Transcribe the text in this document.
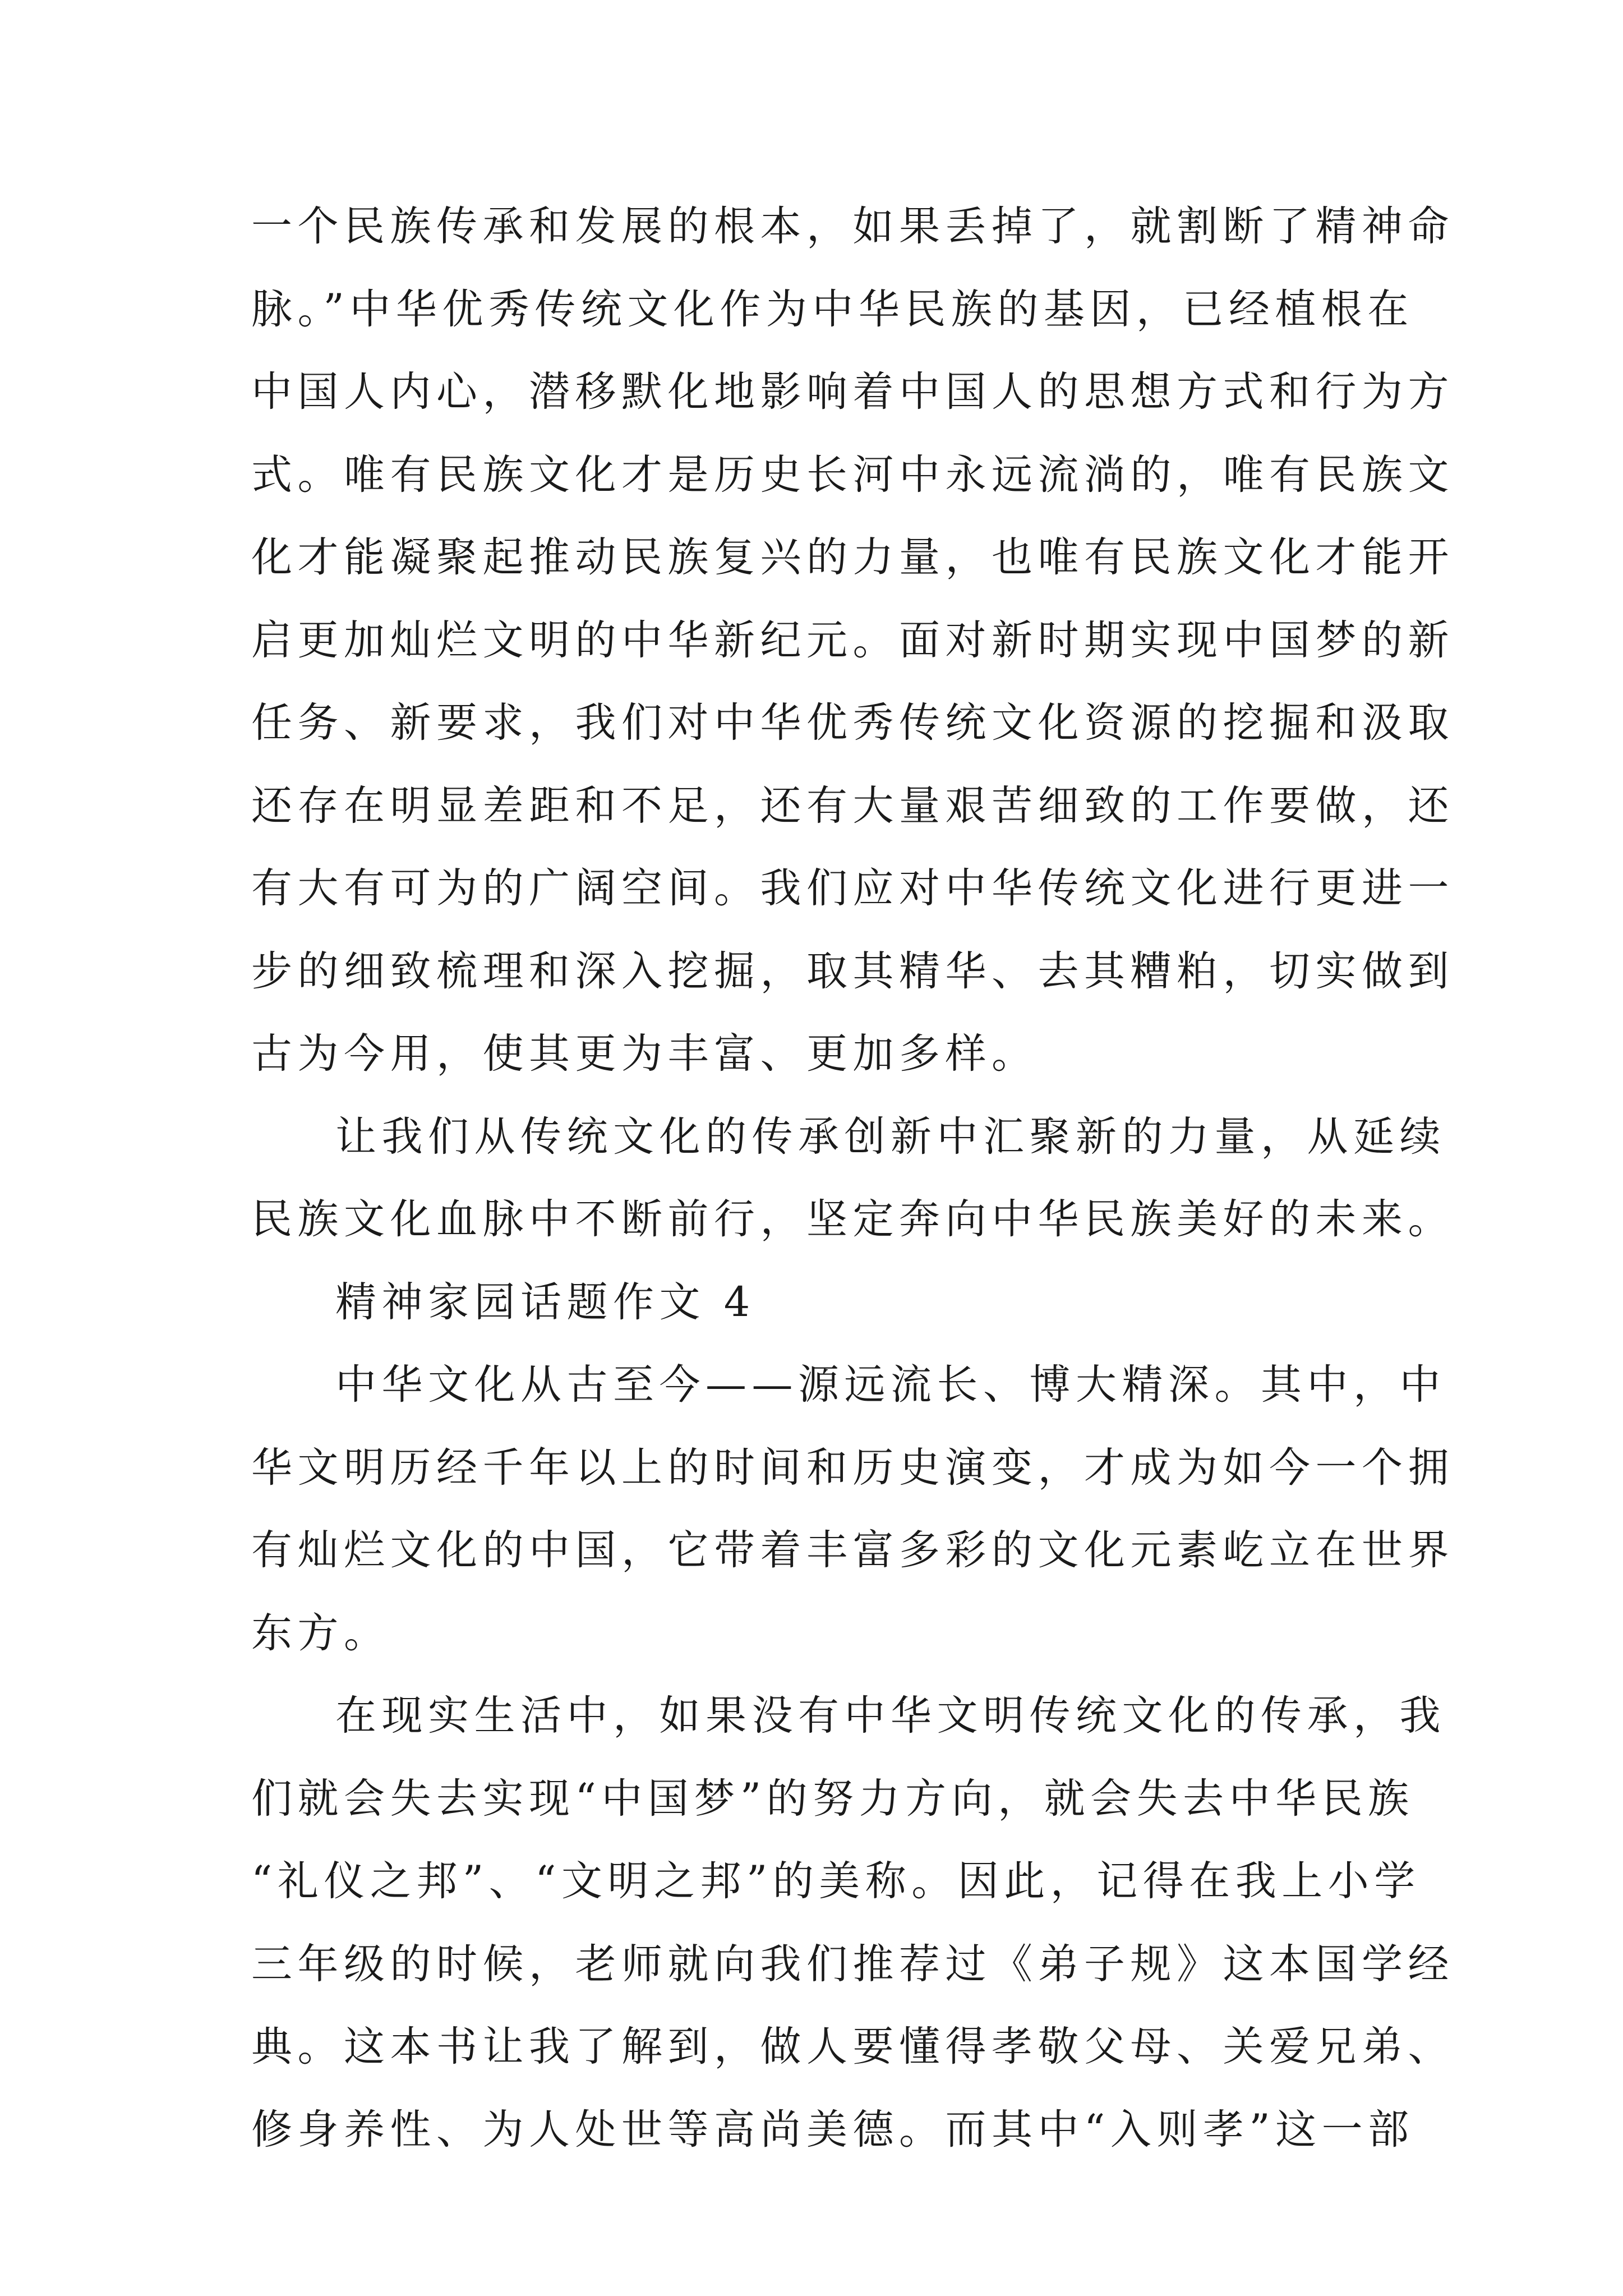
一个民族传承和发展的根本，如果丢掉了，就割断了精神命
脉。”中华优秀传统文化作为中华民族的基因，已经植根在
中国人内心，潜移默化地影响着中国人的思想方式和行为方
式。唯有民族文化才是历史长河中永远流淌的，唯有民族文
化才能凝聚起推动民族复兴的力量，也唯有民族文化才能开
启更加灿烂文明的中华新纪元。面对新时期实现中国梦的新
任务、新要求，我们对中华优秀传统文化资源的挖掘和汲取
还存在明显差距和不足，还有大量艰苦细致的工作要做，还
有大有可为的广阔空间。我们应对中华传统文化进行更进一
步的细致梳理和深入挖掘，取其精华、去其糟粕，切实做到
古为今用，使其更为丰富、更加多样。
让我们从传统文化的传承创新中汇聚新的力量，从延续
民族文化血脉中不断前行，坚定奔向中华民族美好的未来。
精神家园话题作文 4
中华文化从古至今——源远流长、博大精深。其中，中
华文明历经千年以上的时间和历史演变，才成为如今一个拥
有灿烂文化的中国，它带着丰富多彩的文化元素屹立在世界
东方。
在现实生活中，如果没有中华文明传统文化的传承，我
们就会失去实现“中国梦”的努力方向，就会失去中华民族
“礼仪之邦”、“文明之邦”的美称。因此，记得在我上小学
三年级的时候，老师就向我们推荐过《弟子规》这本国学经
典。这本书让我了解到，做人要懂得孝敬父母、关爱兄弟、
修身养性、为人处世等高尚美德。而其中“入则孝”这一部
